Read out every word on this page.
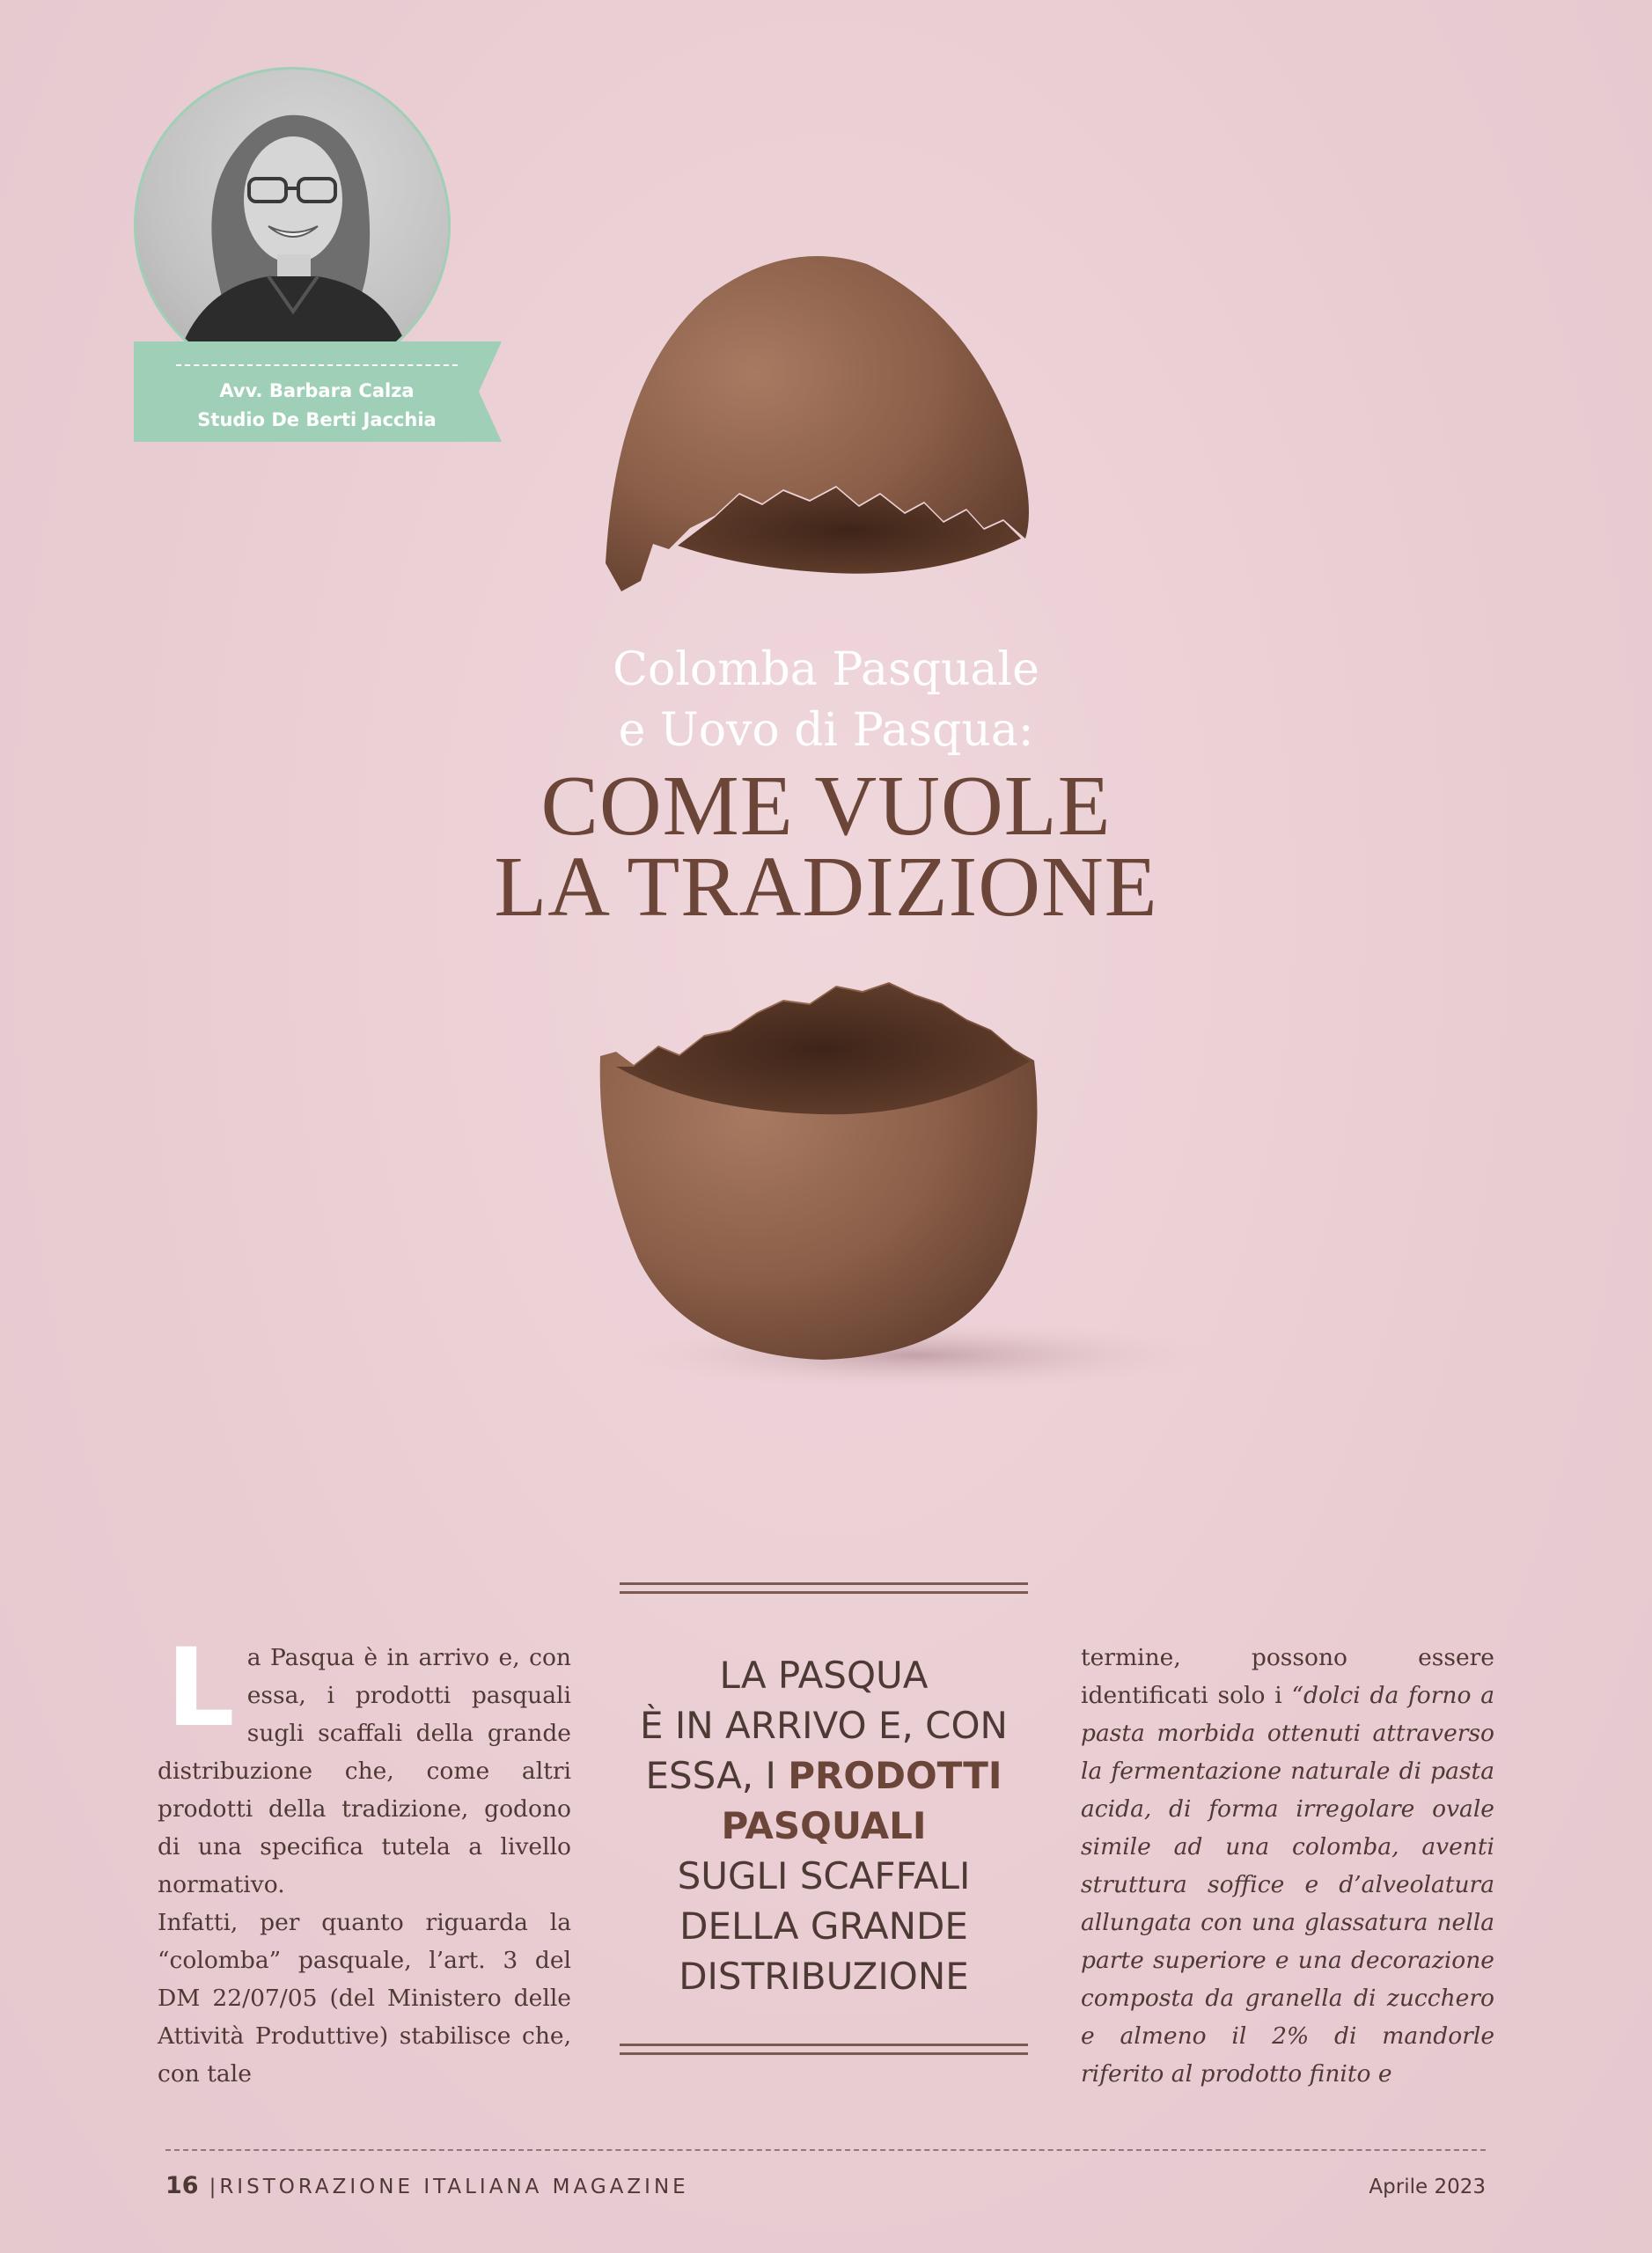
Avv. Barbara Calza
Studio De Berti Jacchia
Colomba Pasquale
e Uovo di Pasqua:
COME VUOLE
LA TRADIZIONE

La Pasqua è in arrivo e, con essa, i prodotti pasquali sugli scaffali della grande distribuzione che, come altri prodotti della tradizione, godono di una specifica tutela a livello normativo.

Infatti, per quanto riguarda la “colomba” pasquale, l’art. 3 del DM 22/07/05 (del Ministero delle Attività Produttive) stabilisce che, con tale

LA PASQUA
È IN ARRIVO E, CON
ESSA, I PRODOTTI
PASQUALI
SUGLI SCAFFALI
DELLA GRANDE
DISTRIBUZIONE

termine, possono essere identificati solo i “dolci da forno a pasta morbida ottenuti attraverso la fermentazione naturale di pasta acida, di forma irregolare ovale simile ad una colomba, aventi struttura soffice e d’alveolatura allungata con una glassatura nella parte superiore e una decorazione composta da granella di zucchero e almeno il 2% di mandorle riferito al prodotto finito e

16 |RISTORAZIONE ITALIANA MAGAZINE	Aprile 2023
